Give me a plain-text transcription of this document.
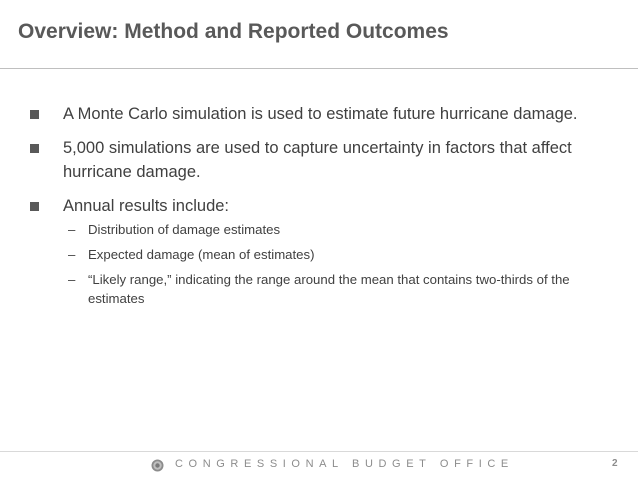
Overview: Method and Reported Outcomes
A Monte Carlo simulation is used to estimate future hurricane damage.
5,000 simulations are used to capture uncertainty in factors that affect hurricane damage.
Annual results include:
– Distribution of damage estimates
– Expected damage (mean of estimates)
– “Likely range,” indicating the range around the mean that contains two-thirds of the estimates
CONGRESSIONAL BUDGET OFFICE	2
